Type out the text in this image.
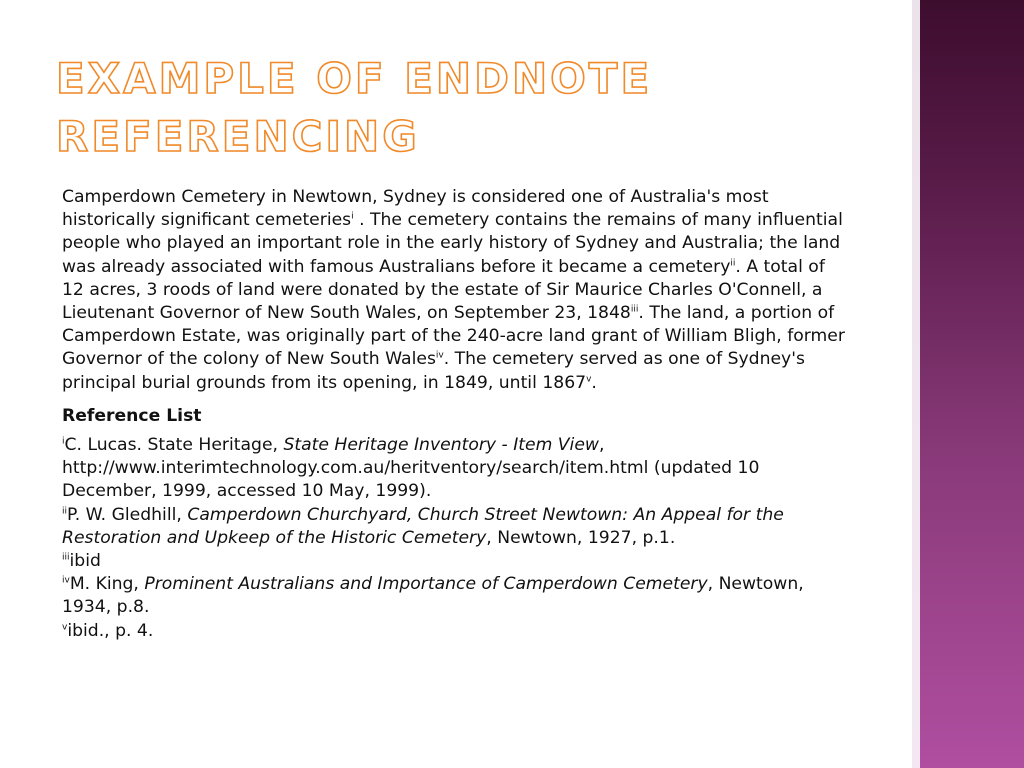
EXAMPLE OF ENDNOTE REFERENCING

Camperdown Cemetery in Newtown, Sydney is considered one of Australia's most historically significant cemeteries$^i$ . The cemetery contains the remains of many influential people who played an important role in the early history of Sydney and Australia; the land was already associated with famous Australians before it became a cemetery$^{ii}$. A total of 12 acres, 3 roods of land were donated by the estate of Sir Maurice Charles O'Connell, a Lieutenant Governor of New South Wales, on September 23, 1848$^{iii}$. The land, a portion of Camperdown Estate, was originally part of the 240-acre land grant of William Bligh, former Governor of the colony of New South Wales$^{iv}$. The cemetery served as one of Sydney's principal burial grounds from its opening, in 1849, until 1867$^v$.

Reference List

$^i$C. Lucas. State Heritage, State Heritage Inventory - Item View, http://www.interimtechnology.com.au/heritventory/search/item.html (updated 10 December, 1999, accessed 10 May, 1999).

$^{ii}$P. W. Gledhill, Camperdown Churchyard, Church Street Newtown: An Appeal for the Restoration and Upkeep of the Historic Cemetery, Newtown, 1927, p.1.

$^{iii}$ibid

$^{iv}$M. King, Prominent Australians and Importance of Camperdown Cemetery, Newtown, 1934, p.8.

$^v$ibid., p. 4.
